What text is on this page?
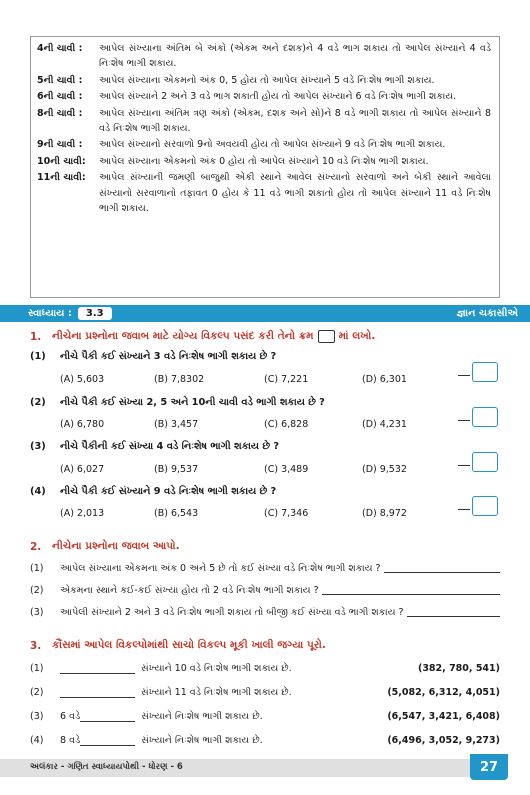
4ની ચાવી :	આપેલ સંખ્યાના અંતિમ બે અંકો (એકમ અને દશક)ને 4 વડે ભાગ શકાય તો આપેલ સંખ્યાને 4 વડે નિઃશેષ ભાગી શકાય.
5ની ચાવી :	આપેલ સંખ્યાના એકમનો અંક 0, 5 હોય તો આપેલ સંખ્યાને 5 વડે નિઃશેષ ભાગી શકાય.
6ની ચાવી :	આપેલ સંખ્યાને 2 અને 3 વડે ભાગ શકાતી હોય તો આપેલ સંખ્યાને 6 વડે નિઃશેષ ભાગી શકાય.
8ની ચાવી :	આપેલ સંખ્યાના અંતિમ ત્રણ અંકો (એકમ, દશક અને સો)ને 8 વડે ભાગી શકાય તો આપેલ સંખ્યાને 8 વડે નિઃશેષ ભાગી શકાય.
9ની ચાવી :	આપેલ સંખ્યાનો સરવાળો 9નો અવયવી હોય તો આપેલ સંખ્યાને 9 વડે નિઃશેષ ભાગી શકાય.
10ની ચાવી:	આપેલ સંખ્યાના એકમનો અંક 0 હોય તો આપેલ સંખ્યાને 10 વડે નિઃશેષ ભાગી શકાય.
11ની ચાવી:	આપેલ સંખ્યાની જમણી બાજુથી એકી સ્થાને આવેલ સંખ્યાનો સરવાળો અને બેકી સ્થાને આવેલા સંખ્યાનો સરવાળાનો તફાવત 0 હોય કે 11 વડે ભાગી શકાતો હોય તો આપેલ સંખ્યાને 11 વડે નિઃશેષ ભાગી શકાય.
સ્વાધ્યાય :	3.3	જ્ઞાન ચકાસીએ
1.	નીચેના પ્રશ્નોના જવાબ માટે યોગ્ય વિકલ્પ પસંદ કરી તેનો ક્રમ માં લખો.
(1)	નીચે પૈકી કઈ સંખ્યાને 3 વડે નિઃશેષ ભાગી શકાય છે ?
(A) 5,603	(B) 7,8302	(C) 7,221	(D) 6,301
(2)	નીચે પૈકી કઈ સંખ્યા 2, 5 અને 10ની ચાવી વડે ભાગી શકાય છે ?
(A) 6,780	(B) 3,457	(C) 6,828	(D) 4,231
(3)	નીચે પૈકીની કઈ સંખ્યા 4 વડે નિઃશેષ ભાગી શકાય છે ?
(A) 6,027	(B) 9,537	(C) 3,489	(D) 9,532
(4)	નીચે પૈકી કઈ સંખ્યાને 9 વડે નિઃશેષ ભાગી શકાય છે ?
(A) 2,013	(B) 6,543	(C) 7,346	(D) 8,972
2.	નીચેના પ્રશ્નોના જવાબ આપો.
(1)	આપેલ સંખ્યાના એકમના અંક 0 અને 5 છે તો કઈ સંખ્યા વડે નિઃશેષ ભાગી શકાય ?
(2)	એકમના સ્થાને કઈ-કઈ સંખ્યા હોય તો 2 વડે નિઃશેષ ભાગી શકાય ?
(3)	આપેલી સંખ્યાને 2 અને 3 વડે નિઃશેષ ભાગી શકાય તો બીજી કઈ સંખ્યા વડે ભાગી શકાય ?
3.	કૌંસમાં આપેલ વિકલ્પોમાંથી સાચો વિકલ્પ મૂકી ખાલી જગ્યા પૂરો.
(1)	સંખ્યાને 10 વડે નિઃશેષ ભાગી શકાય છે.	(382, 780, 541)
(2)	સંખ્યાને 11 વડે નિઃશેષ ભાગી શકાય છે.	(5,082, 6,312, 4,051)
(3)	6 વડે	સંખ્યાને નિઃશેષ ભાગી શકાય છે.	(6,547, 3,421, 6,408)
(4)	8 વડે	સંખ્યાને નિઃશેષ ભાગી શકાય છે.	(6,496, 3,052, 9,273)
અલંકાર - ગણિત સ્વાધ્યાયપોથી - ધોરણ - 6	27
